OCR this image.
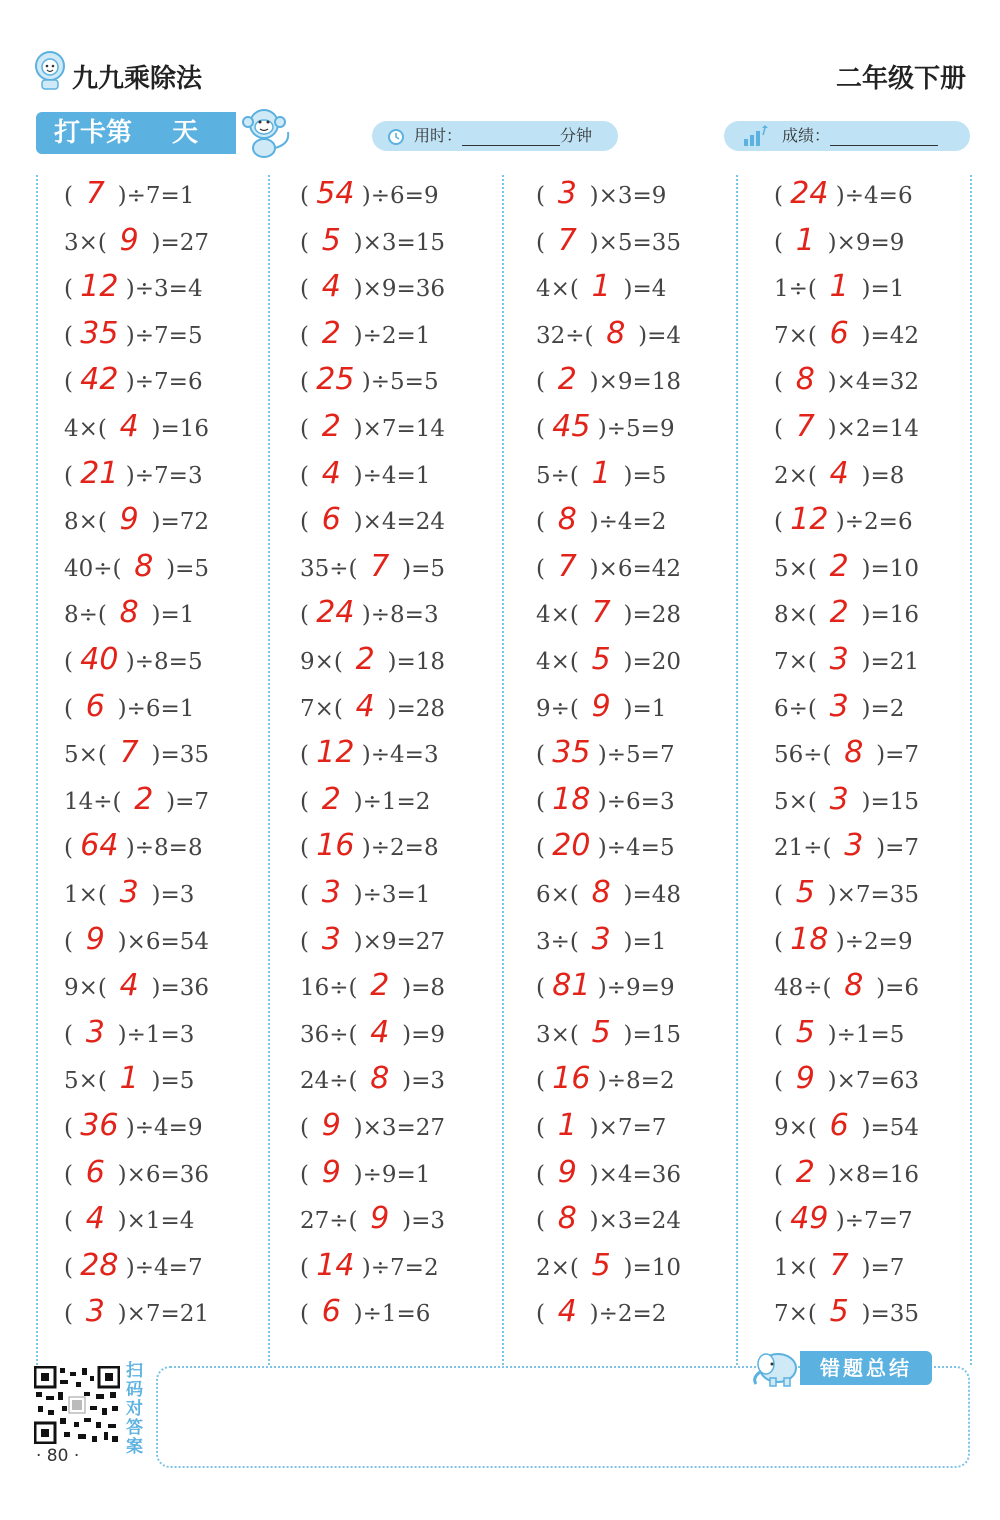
九九乘除法	二年级下册
打卡第 天	用时：	分钟	成绩：
( 7 )÷7=1
3×( 9 )=27
( 12 )÷3=4
( 35 )÷7=5
( 42 )÷7=6
4×( 4 )=16
( 21 )÷7=3
8×( 9 )=72
40÷( 8 )=5
8÷( 8 )=1
( 40 )÷8=5
( 6 )÷6=1
5×( 7 )=35
14÷( 2 )=7
( 64 )÷8=8
1×( 3 )=3
( 9 )×6=54
9×( 4 )=36
( 3 )÷1=3
5×( 1 )=5
( 36 )÷4=9
( 6 )×6=36
( 4 )×1=4
( 28 )÷4=7
( 3 )×7=21
( 54 )÷6=9
( 5 )×3=15
( 4 )×9=36
( 2 )÷2=1
( 25 )÷5=5
( 2 )×7=14
( 4 )÷4=1
( 6 )×4=24
35÷( 7 )=5
( 24 )÷8=3
9×( 2 )=18
7×( 4 )=28
( 12 )÷4=3
( 2 )÷1=2
( 16 )÷2=8
( 3 )÷3=1
( 3 )×9=27
16÷( 2 )=8
36÷( 4 )=9
24÷( 8 )=3
( 9 )×3=27
( 9 )÷9=1
27÷( 9 )=3
( 14 )÷7=2
( 6 )÷1=6
( 3 )×3=9
( 7 )×5=35
4×( 1 )=4
32÷( 8 )=4
( 2 )×9=18
( 45 )÷5=9
5÷( 1 )=5
( 8 )÷4=2
( 7 )×6=42
4×( 7 )=28
4×( 5 )=20
9÷( 9 )=1
( 35 )÷5=7
( 18 )÷6=3
( 20 )÷4=5
6×( 8 )=48
3÷( 3 )=1
( 81 )÷9=9
3×( 5 )=15
( 16 )÷8=2
( 1 )×7=7
( 9 )×4=36
( 8 )×3=24
2×( 5 )=10
( 4 )÷2=2
( 24 )÷4=6
( 1 )×9=9
1÷( 1 )=1
7×( 6 )=42
( 8 )×4=32
( 7 )×2=14
2×( 4 )=8
( 12 )÷2=6
5×( 2 )=10
8×( 2 )=16
7×( 3 )=21
6÷( 3 )=2
56÷( 8 )=7
5×( 3 )=15
21÷( 3 )=7
( 5 )×7=35
( 18 )÷2=9
48÷( 8 )=6
( 5 )÷1=5
( 9 )×7=63
9×( 6 )=54
( 2 )×8=16
( 49 )÷7=7
1×( 7 )=7
7×( 5 )=35
错题总结
扫码对答案
· 80 ·
